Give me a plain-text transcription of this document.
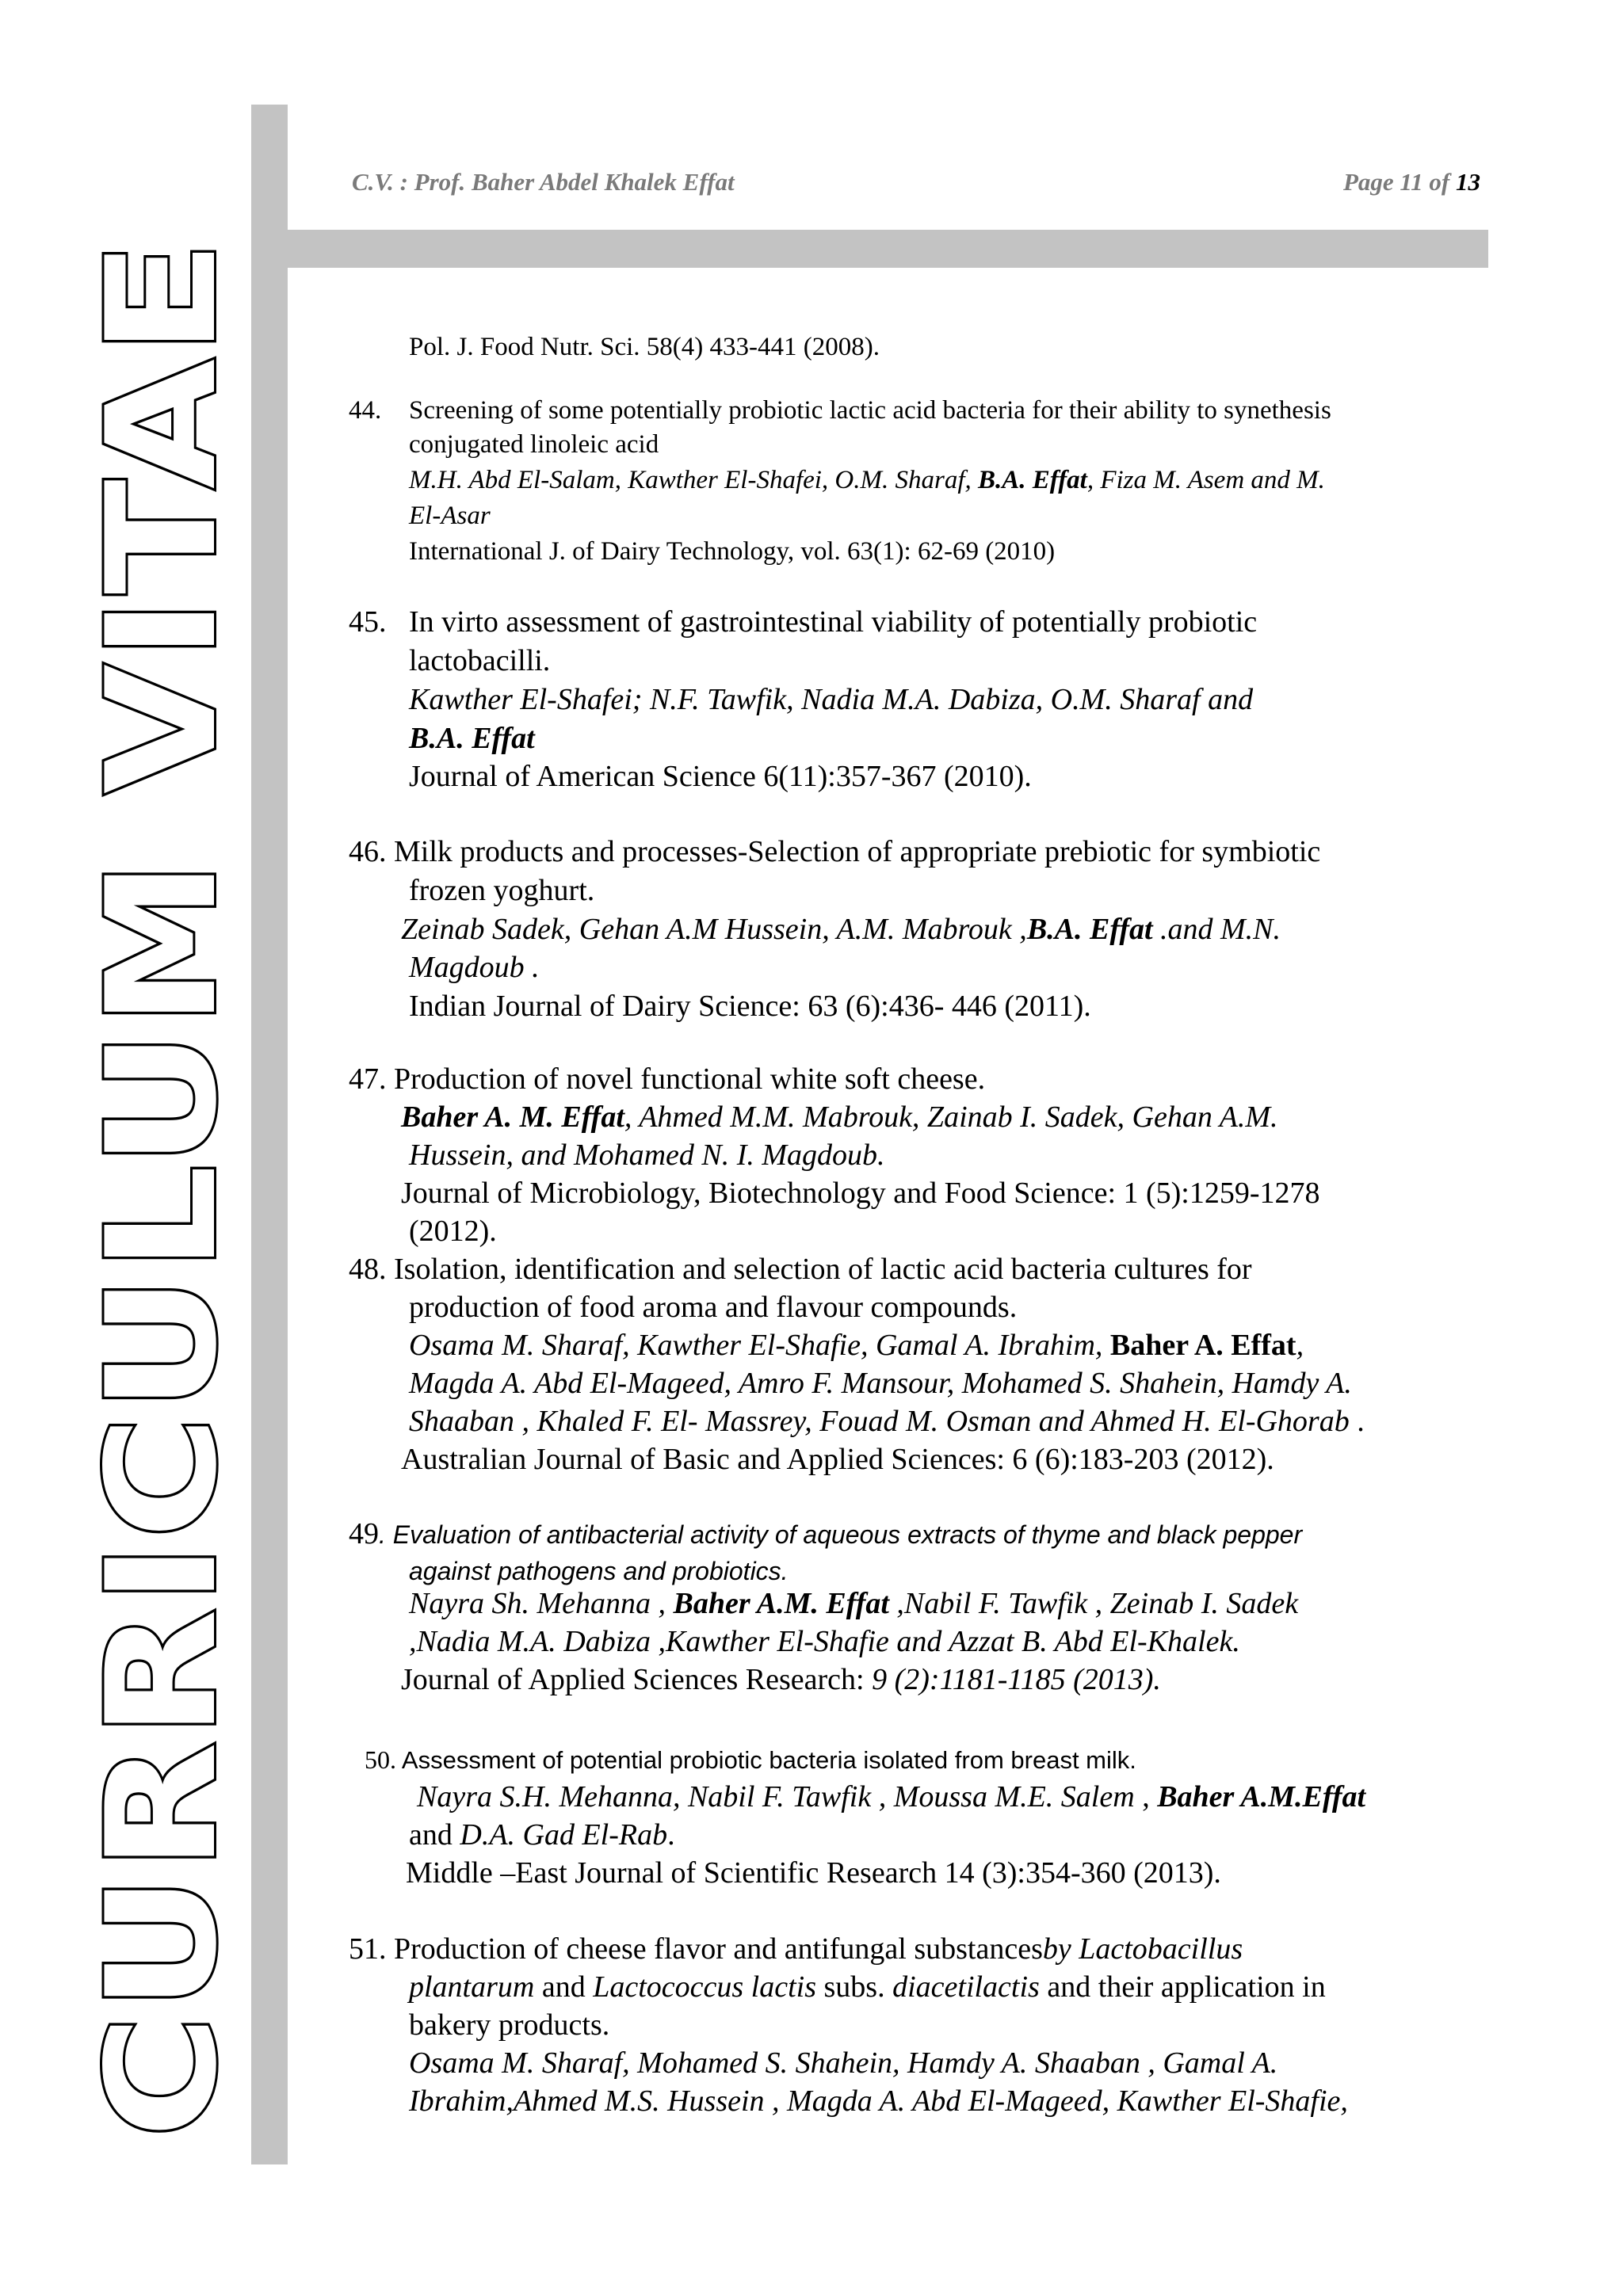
CURRICULUM VITAE
C.V. : Prof. Baher Abdel Khalek Effat	Page 11 of 13
Pol. J. Food Nutr. Sci. 58(4) 433-441 (2008).
44. Screening of some potentially probiotic lactic acid bacteria for their ability to synethesis
conjugated linoleic acid
M.H. Abd El-Salam, Kawther El-Shafei, O.M. Sharaf, B.A. Effat, Fiza M. Asem and M.
El-Asar
International J. of Dairy Technology, vol. 63(1): 62-69 (2010)
45. In virto assessment of gastrointestinal viability of potentially probiotic
lactobacilli.
Kawther El-Shafei; N.F. Tawfik, Nadia M.A. Dabiza, O.M. Sharaf and
B.A. Effat
Journal of American Science 6(11):357-367 (2010).
46. Milk products and processes-Selection of appropriate prebiotic for symbiotic
frozen yoghurt.
Zeinab Sadek, Gehan A.M Hussein, A.M. Mabrouk ,B.A. Effat .and M.N.
Magdoub .
Indian Journal of Dairy Science: 63 (6):436- 446 (2011).
47. Production of novel functional white soft cheese.
Baher A. M. Effat, Ahmed M.M. Mabrouk, Zainab I. Sadek, Gehan A.M.
Hussein, and Mohamed N. I. Magdoub.
Journal of Microbiology, Biotechnology and Food Science: 1 (5):1259-1278
(2012).
48. Isolation, identification and selection of lactic acid bacteria cultures for
production of food aroma and flavour compounds.
Osama M. Sharaf, Kawther El-Shafie, Gamal A. Ibrahim, Baher A. Effat,
Magda A. Abd El-Mageed, Amro F. Mansour, Mohamed S. Shahein, Hamdy A.
Shaaban , Khaled F. El- Massrey, Fouad M. Osman and Ahmed H. El-Ghorab .
Australian Journal of Basic and Applied Sciences: 6 (6):183-203 (2012).
49. Evaluation of antibacterial activity of aqueous extracts of thyme and black pepper
against pathogens and probiotics.
Nayra Sh. Mehanna , Baher A.M. Effat ,Nabil F. Tawfik , Zeinab I. Sadek
,Nadia M.A. Dabiza ,Kawther El-Shafie and Azzat B. Abd El-Khalek.
Journal of Applied Sciences Research: 9 (2):1181-1185 (2013).
50. Assessment of potential probiotic bacteria isolated from breast milk.
Nayra S.H. Mehanna, Nabil F. Tawfik , Moussa M.E. Salem , Baher A.M.Effat
and D.A. Gad El-Rab.
Middle –East Journal of Scientific Research 14 (3):354-360 (2013).
51. Production of cheese flavor and antifungal substancesby Lactobacillus
plantarum and Lactococcus lactis subs. diacetilactis and their application in
bakery products.
Osama M. Sharaf, Mohamed S. Shahein, Hamdy A. Shaaban , Gamal A.
Ibrahim,Ahmed M.S. Hussein , Magda A. Abd El-Mageed, Kawther El-Shafie,
